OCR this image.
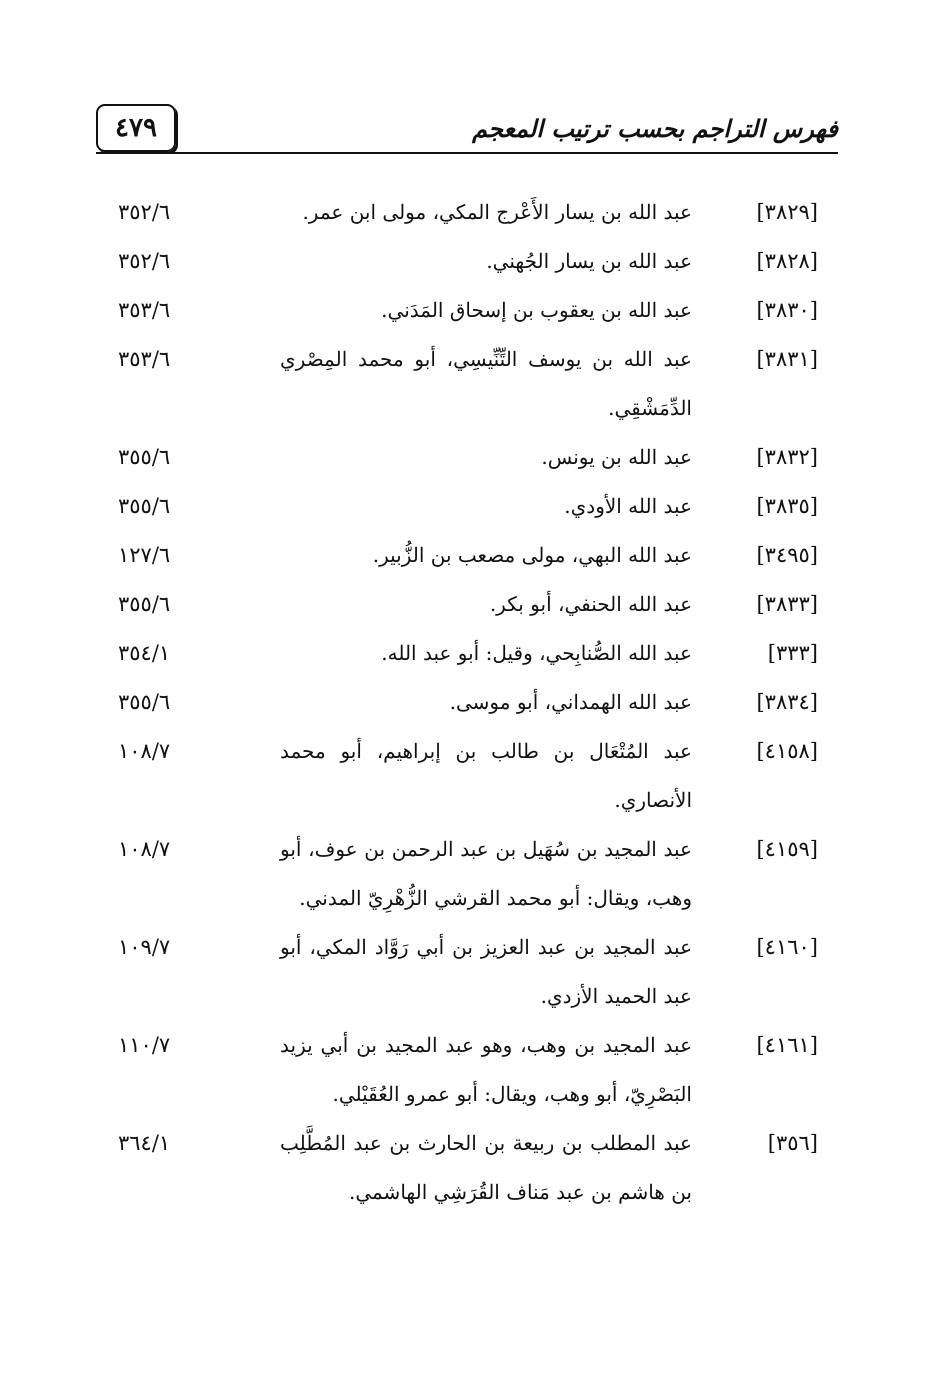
٤٧٩	فهرس التراجم بحسب ترتيب المعجم
[٣٨٢٩]
عبد الله بن يسار الأَعْرج المكي، مولى ابن عمر.
٣٥٢/٦
[٣٨٢٨]
عبد الله بن يسار الجُهني.
٣٥٢/٦
[٣٨٣٠]
عبد الله بن يعقوب بن إسحاق المَدَني.
٣٥٣/٦
[٣٨٣١]
عبد الله بن يوسف التِّنِّيسِي، أبو محمد المِصْري الدِّمَشْقِي.
٣٥٣/٦
[٣٨٣٢]
عبد الله بن يونس.
٣٥٥/٦
[٣٨٣٥]
عبد الله الأودي.
٣٥٥/٦
[٣٤٩٥]
عبد الله البهي، مولى مصعب بن الزُّبير.
١٢٧/٦
[٣٨٣٣]
عبد الله الحنفي، أبو بكر.
٣٥٥/٦
[٣٣٣]
عبد الله الصُّنابِحي، وقيل: أبو عبد الله.
٣٥٤/١
[٣٨٣٤]
عبد الله الهمداني، أبو موسى.
٣٥٥/٦
[٤١٥٨]
عبد المُتْعَال بن طالب بن إبراهيم، أبو محمد الأنصاري.
١٠٨/٧
[٤١٥٩]
عبد المجيد بن سُهَيل بن عبد الرحمن بن عوف، أبو وهب، ويقال: أبو محمد القرشي الزُّهْرِيّ المدني.
١٠٨/٧
[٤١٦٠]
عبد المجيد بن عبد العزيز بن أبي رَوَّاد المكي، أبو عبد الحميد الأزدي.
١٠٩/٧
[٤١٦١]
عبد المجيد بن وهب، وهو عبد المجيد بن أبي يزيد البَصْرِيّ، أبو وهب، ويقال: أبو عمرو العُقَيْلي.
١١٠/٧
[٣٥٦]
عبد المطلب بن ربيعة بن الحارث بن عبد المُطَّلِب بن هاشم بن عبد مَناف القُرَشِي الهاشمي.
٣٦٤/١
